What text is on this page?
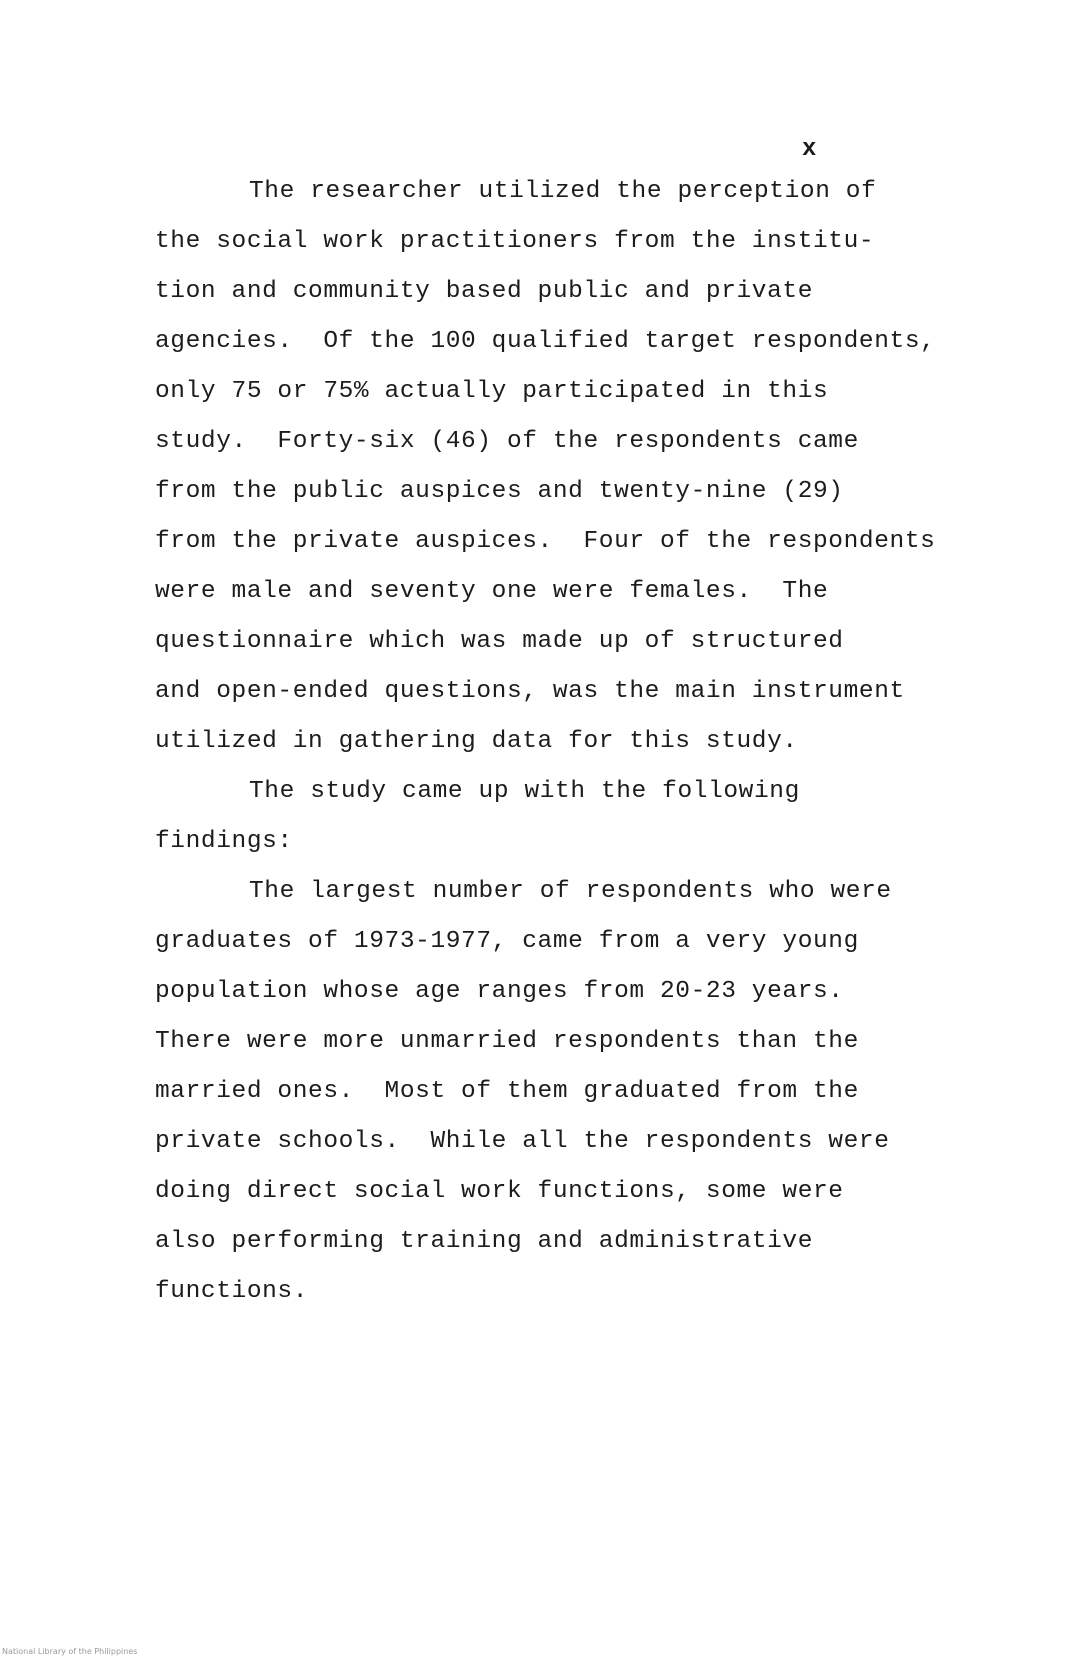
x
The researcher utilized the perception of
the social work practitioners from the institu-
tion and community based public and private
agencies.  Of the 100 qualified target respondents,
only 75 or 75% actually participated in this
study.  Forty-six (46) of the respondents came
from the public auspices and twenty-nine (29)
from the private auspices.  Four of the respondents
were male and seventy one were females.  The
questionnaire which was made up of structured
and open-ended questions, was the main instrument
utilized in gathering data for this study.
The study came up with the following
findings:
The largest number of respondents who were
graduates of 1973-1977, came from a very young
population whose age ranges from 20-23 years.
There were more unmarried respondents than the
married ones.  Most of them graduated from the
private schools.  While all the respondents were
doing direct social work functions, some were
also performing training and administrative
functions.
National Library of the Philippines
